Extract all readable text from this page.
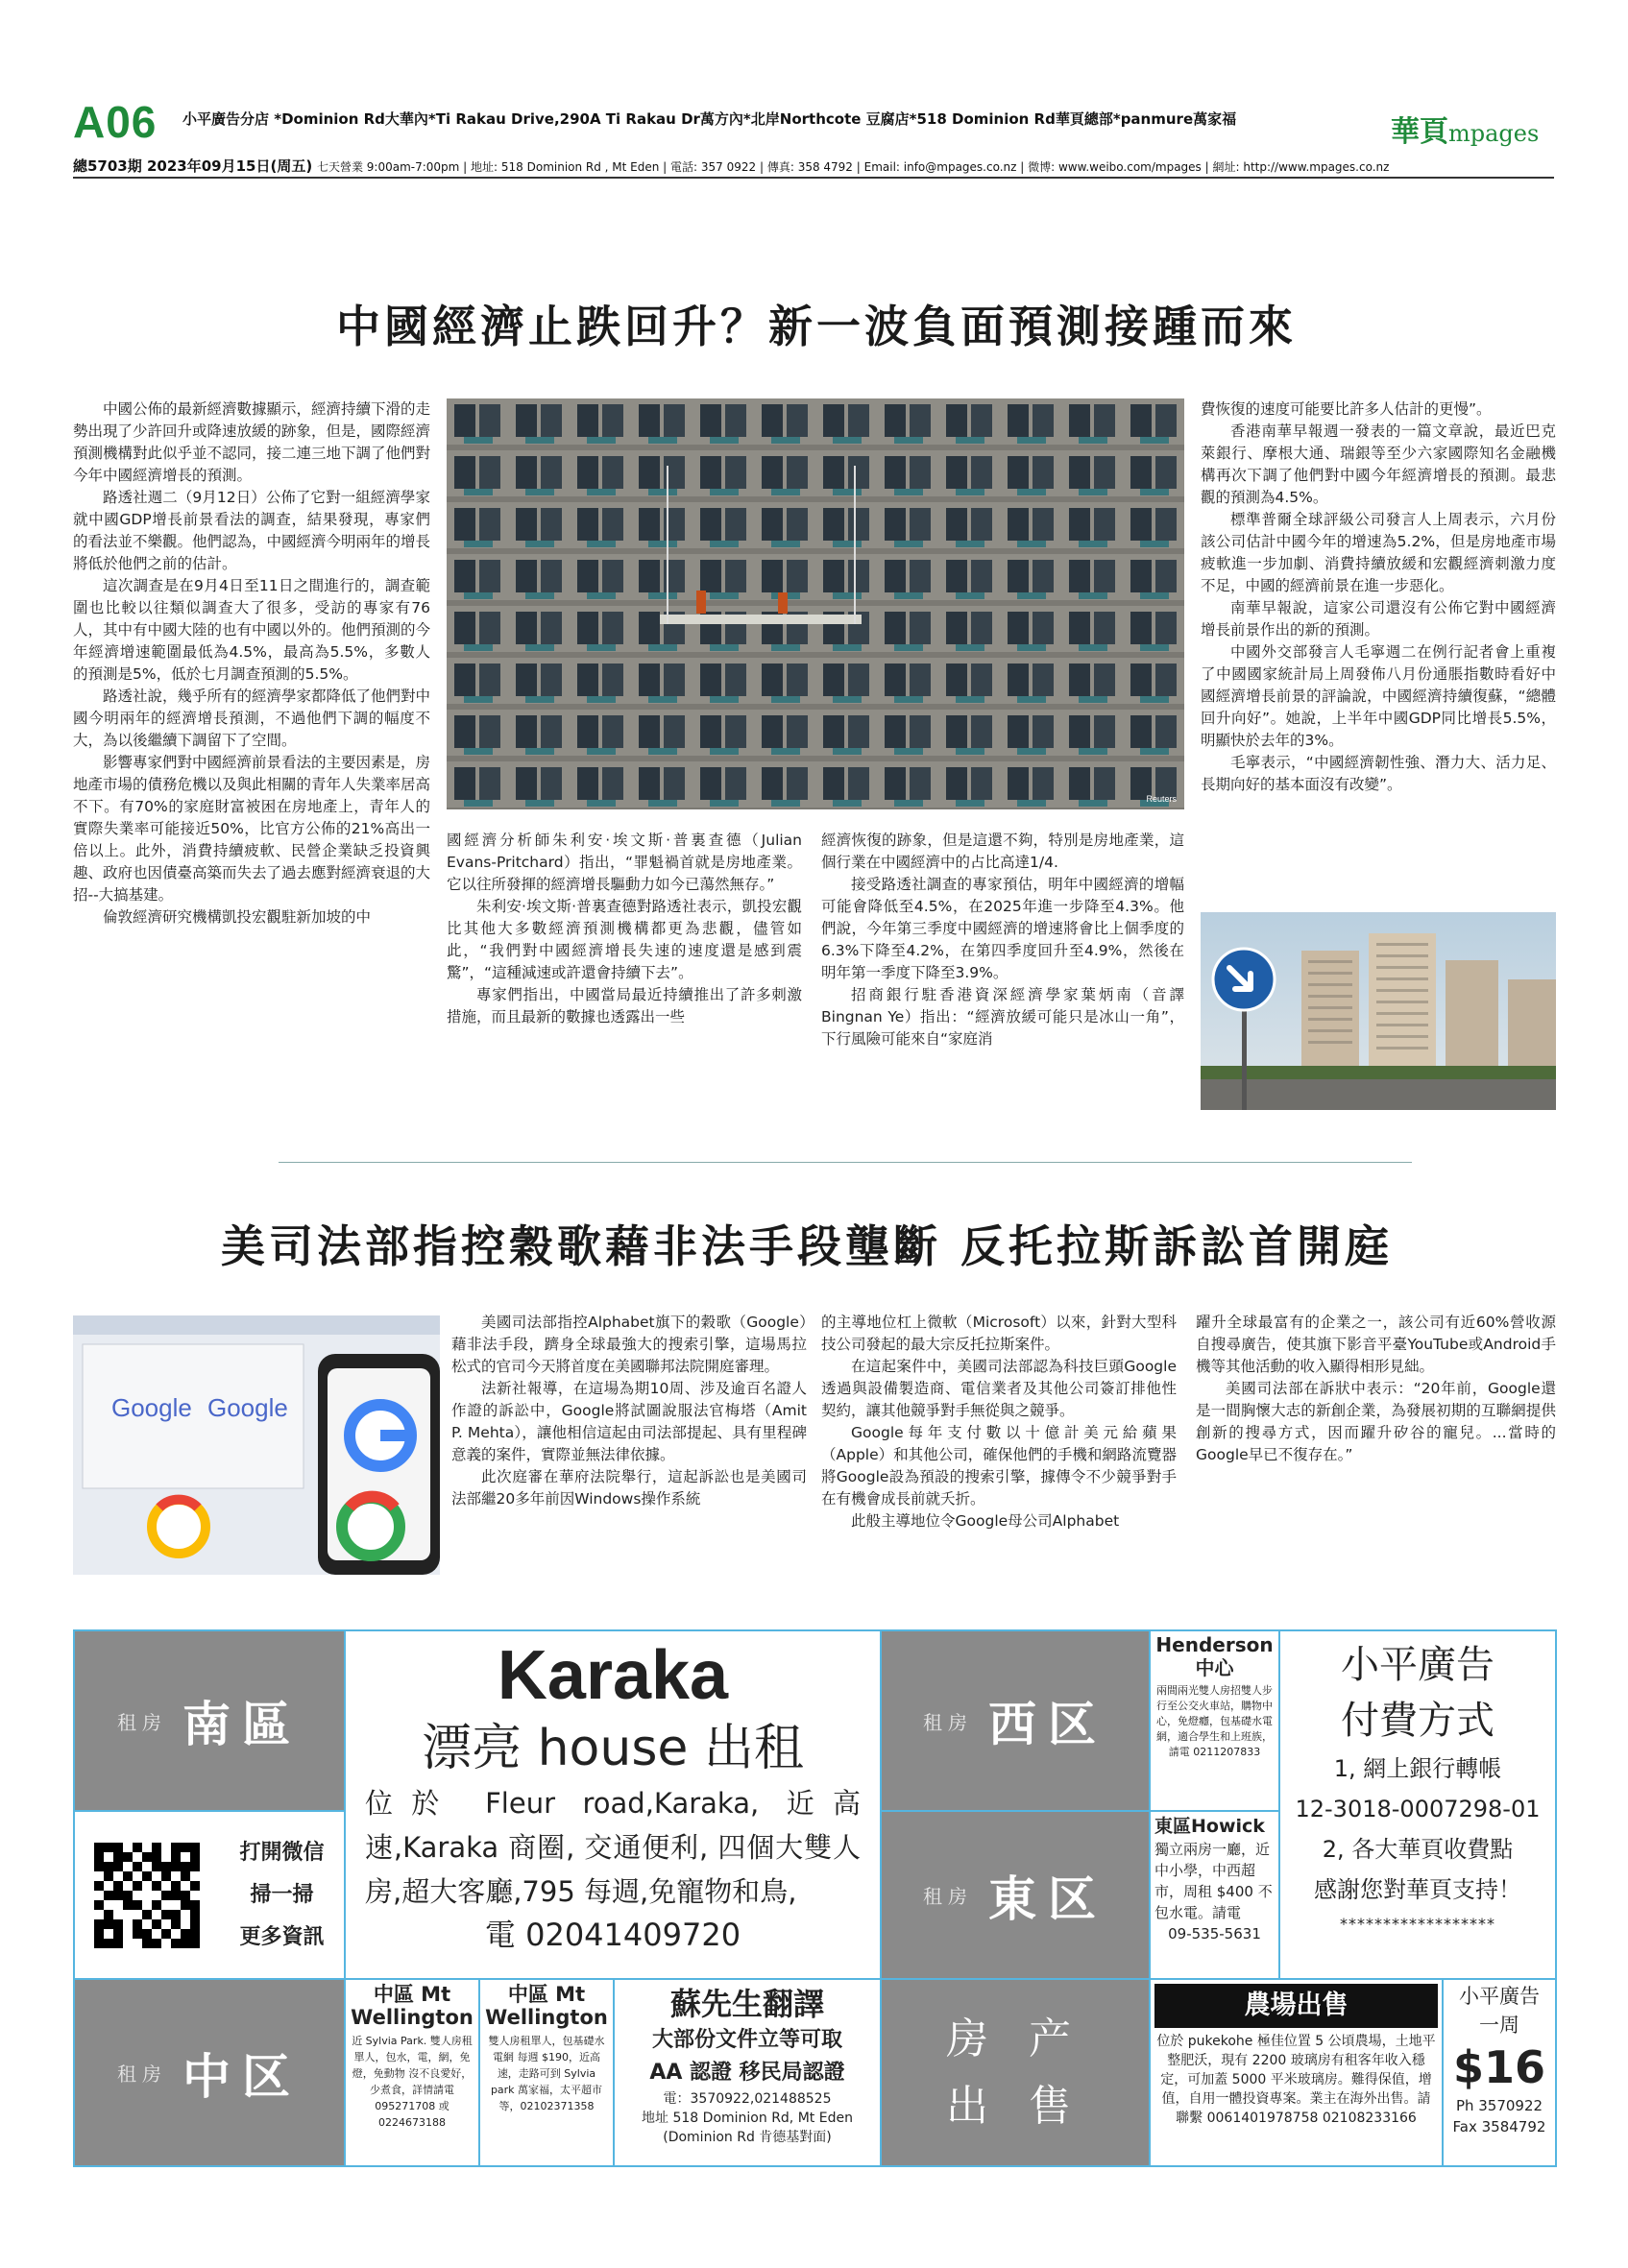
A06 小平廣告分店 *Dominion Rd大華內*Ti Rakau Drive,290A Ti Rakau Dr萬方內*北岸Northcote 豆腐店*518 Dominion Rd華頁總部*panmure萬家福	華頁mpages
總5703期 2023年09月15日(周五) 七天營業 9:00am-7:00pm | 地址: 518 Dominion Rd , Mt Eden | 電話: 357 0922 | 傳真: 358 4792 | Email: info@mpages.co.nz | 微博: www.weibo.com/mpages | 網址: http://www.mpages.co.nz
中國經濟止跌回升？新一波負面預測接踵而來

中國公佈的最新經濟數據顯示，經濟持續下滑的走勢出現了少許回升或降速放緩的跡象，但是，國際經濟預測機構對此似乎並不認同，接二連三地下調了他們對今年中國經濟增長的預測。

路透社週二（9月12日）公佈了它對一組經濟學家就中國GDP增長前景看法的調查，結果發現，專家們的看法並不樂觀。他們認為，中國經濟今明兩年的增長將低於他們之前的估計。

這次調查是在9月4日至11日之間進行的，調查範圍也比較以往類似調查大了很多，受訪的專家有76人，其中有中國大陸的也有中國以外的。他們預測的今年經濟增速範圍最低為4.5%，最高為5.5%，多數人的預測是5%，低於七月調查預測的5.5%。

路透社說，幾乎所有的經濟學家都降低了他們對中國今明兩年的經濟增長預測，不過他們下調的幅度不大，為以後繼續下調留下了空間。

影響專家們對中國經濟前景看法的主要因素是，房地產市場的債務危機以及與此相關的青年人失業率居高不下。有70%的家庭財富被困在房地產上，青年人的實際失業率可能接近50%，比官方公佈的21%高出一倍以上。此外，消費持續疲軟、民營企業缺乏投資興趣、政府也因債臺高築而失去了過去應對經濟衰退的大招--大搞基建。

倫敦經濟研究機構凱投宏觀駐新加坡的中

Reuters

國經濟分析師朱利安·埃文斯·普裏查德（Julian Evans-Pritchard）指出，“罪魁禍首就是房地產業。它以往所發揮的經濟增長驅動力如今已蕩然無存。”

朱利安·埃文斯·普裏查德對路透社表示，凱投宏觀比其他大多數經濟預測機構都更為悲觀，儘管如此，“我們對中國經濟增長失速的速度還是感到震驚”，“這種減速或許還會持續下去”。

專家們指出，中國當局最近持續推出了許多刺激措施，而且最新的數據也透露出一些

經濟恢復的跡象，但是這還不夠，特別是房地產業，這個行業在中國經濟中的占比高達1/4.

接受路透社調查的專家預估，明年中國經濟的增幅可能會降低至4.5%，在2025年進一步降至4.3%。他們說，今年第三季度中國經濟的增速將會比上個季度的6.3%下降至4.2%，在第四季度回升至4.9%，然後在明年第一季度下降至3.9%。

招商銀行駐香港資深經濟學家葉炳南（音譯Bingnan Ye）指出：“經濟放緩可能只是冰山一角”，下行風險可能來自“家庭消

費恢復的速度可能要比許多人估計的更慢”。

香港南華早報週一發表的一篇文章說，最近巴克萊銀行、摩根大通、瑞銀等至少六家國際知名金融機構再次下調了他們對中國今年經濟增長的預測。最悲觀的預測為4.5%。

標準普爾全球評級公司發言人上周表示，六月份該公司估計中國今年的增速為5.2%，但是房地產市場疲軟進一步加劇、消費持續放緩和宏觀經濟刺激力度不足，中國的經濟前景在進一步惡化。

南華早報說，這家公司還沒有公佈它對中國經濟增長前景作出的新的預測。

中國外交部發言人毛寧週二在例行記者會上重複了中國國家統計局上周發佈八月份通脹指數時看好中國經濟增長前景的評論說，中國經濟持續復蘇，“總體回升向好”。她說，上半年中國GDP同比增長5.5%，明顯快於去年的3%。

毛寧表示，“中國經濟韌性強、潛力大、活力足、長期向好的基本面沒有改變”。

美司法部指控穀歌藉非法手段壟斷 反托拉斯訴訟首開庭
Google Google

美國司法部指控Alphabet旗下的穀歌（Google）藉非法手段，躋身全球最強大的搜索引擎，這場馬拉松式的官司今天將首度在美國聯邦法院開庭審理。

法新社報導，在這場為期10周、涉及逾百名證人作證的訴訟中，Google將試圖說服法官梅塔（Amit P. Mehta），讓他相信這起由司法部提起、具有里程碑意義的案件，實際並無法律依據。

此次庭審在華府法院舉行，這起訴訟也是美國司法部繼20多年前因Windows操作系統

的主導地位杠上微軟（Microsoft）以來，針對大型科技公司發起的最大宗反托拉斯案件。

在這起案件中，美國司法部認為科技巨頭Google透過與設備製造商、電信業者及其他公司簽訂排他性契約，讓其他競爭對手無從與之競爭。

Google每年支付數以十億計美元給蘋果（Apple）和其他公司，確保他們的手機和網路流覽器將Google設為預設的搜索引擎，據傳令不少競爭對手在有機會成長前就夭折。

此般主導地位令Google母公司Alphabet

躍升全球最富有的企業之一，該公司有近60%營收源自搜尋廣告，使其旗下影音平臺YouTube或Android手機等其他活動的收入顯得相形見絀。

美國司法部在訴狀中表示：“20年前，Google還是一間胸懷大志的新創企業，為發展初期的互聯網提供創新的搜尋方式，因而躍升矽谷的寵兒。...當時的Google早已不復存在。”

租房 南區
打開微信
掃一掃
更多資訊
租房 中区
Karaka
漂亮 house 出租
位於 Fleur road,Karaka, 近高速,Karaka 商圈, 交通便利, 四個大雙人房,超大客廳,795 每週,免寵物和鳥,
電 02041409720
中區 Mt Wellington
近 Sylvia Park. 雙人房租單人，包水，電，網，免燈，免動物 沒不良愛好，少煮食，詳情請電 095271708 或 0224673188
中區 Mt Wellington
雙人房租單人，包基礎水電網 每週 $190，近高速，走路可到 Sylvia park 萬家福，太平超市等，02102371358
蘇先生翻譯
大部份文件立等可取
AA 認證 移民局認證
電：3570922,021488525
地址 518 Dominion Rd, Mt Eden
(Dominion Rd 肯德基對面)
租房 西区
租房 東区
房 产
出 售
Henderson 中心
兩間兩光雙人房招雙人步行至公交火車站，購物中心，免燈癮，包基礎水電網，適合學生和上班族，請電 0211207833
東區Howick
獨立兩房一廳，近中小學，中西超市，周租 $400 不包水電。請電
09-535-5631
小平廣告
付費方式
1, 網上銀行轉帳
12-3018-0007298-01
2, 各大華頁收費點
感謝您對華頁支持！
******************
農場出售
位於 pukekohe 極佳位置 5 公頃農場，土地平整肥沃，現有 2200 玻璃房有租客年收入穩定，可加蓋 5000 平米玻璃房。難得保值，增值，自用一體投資專案。業主在海外出售。請聯繫 0061401978758 02108233166
小平廣告
一周
$16
Ph 3570922
Fax 3584792
